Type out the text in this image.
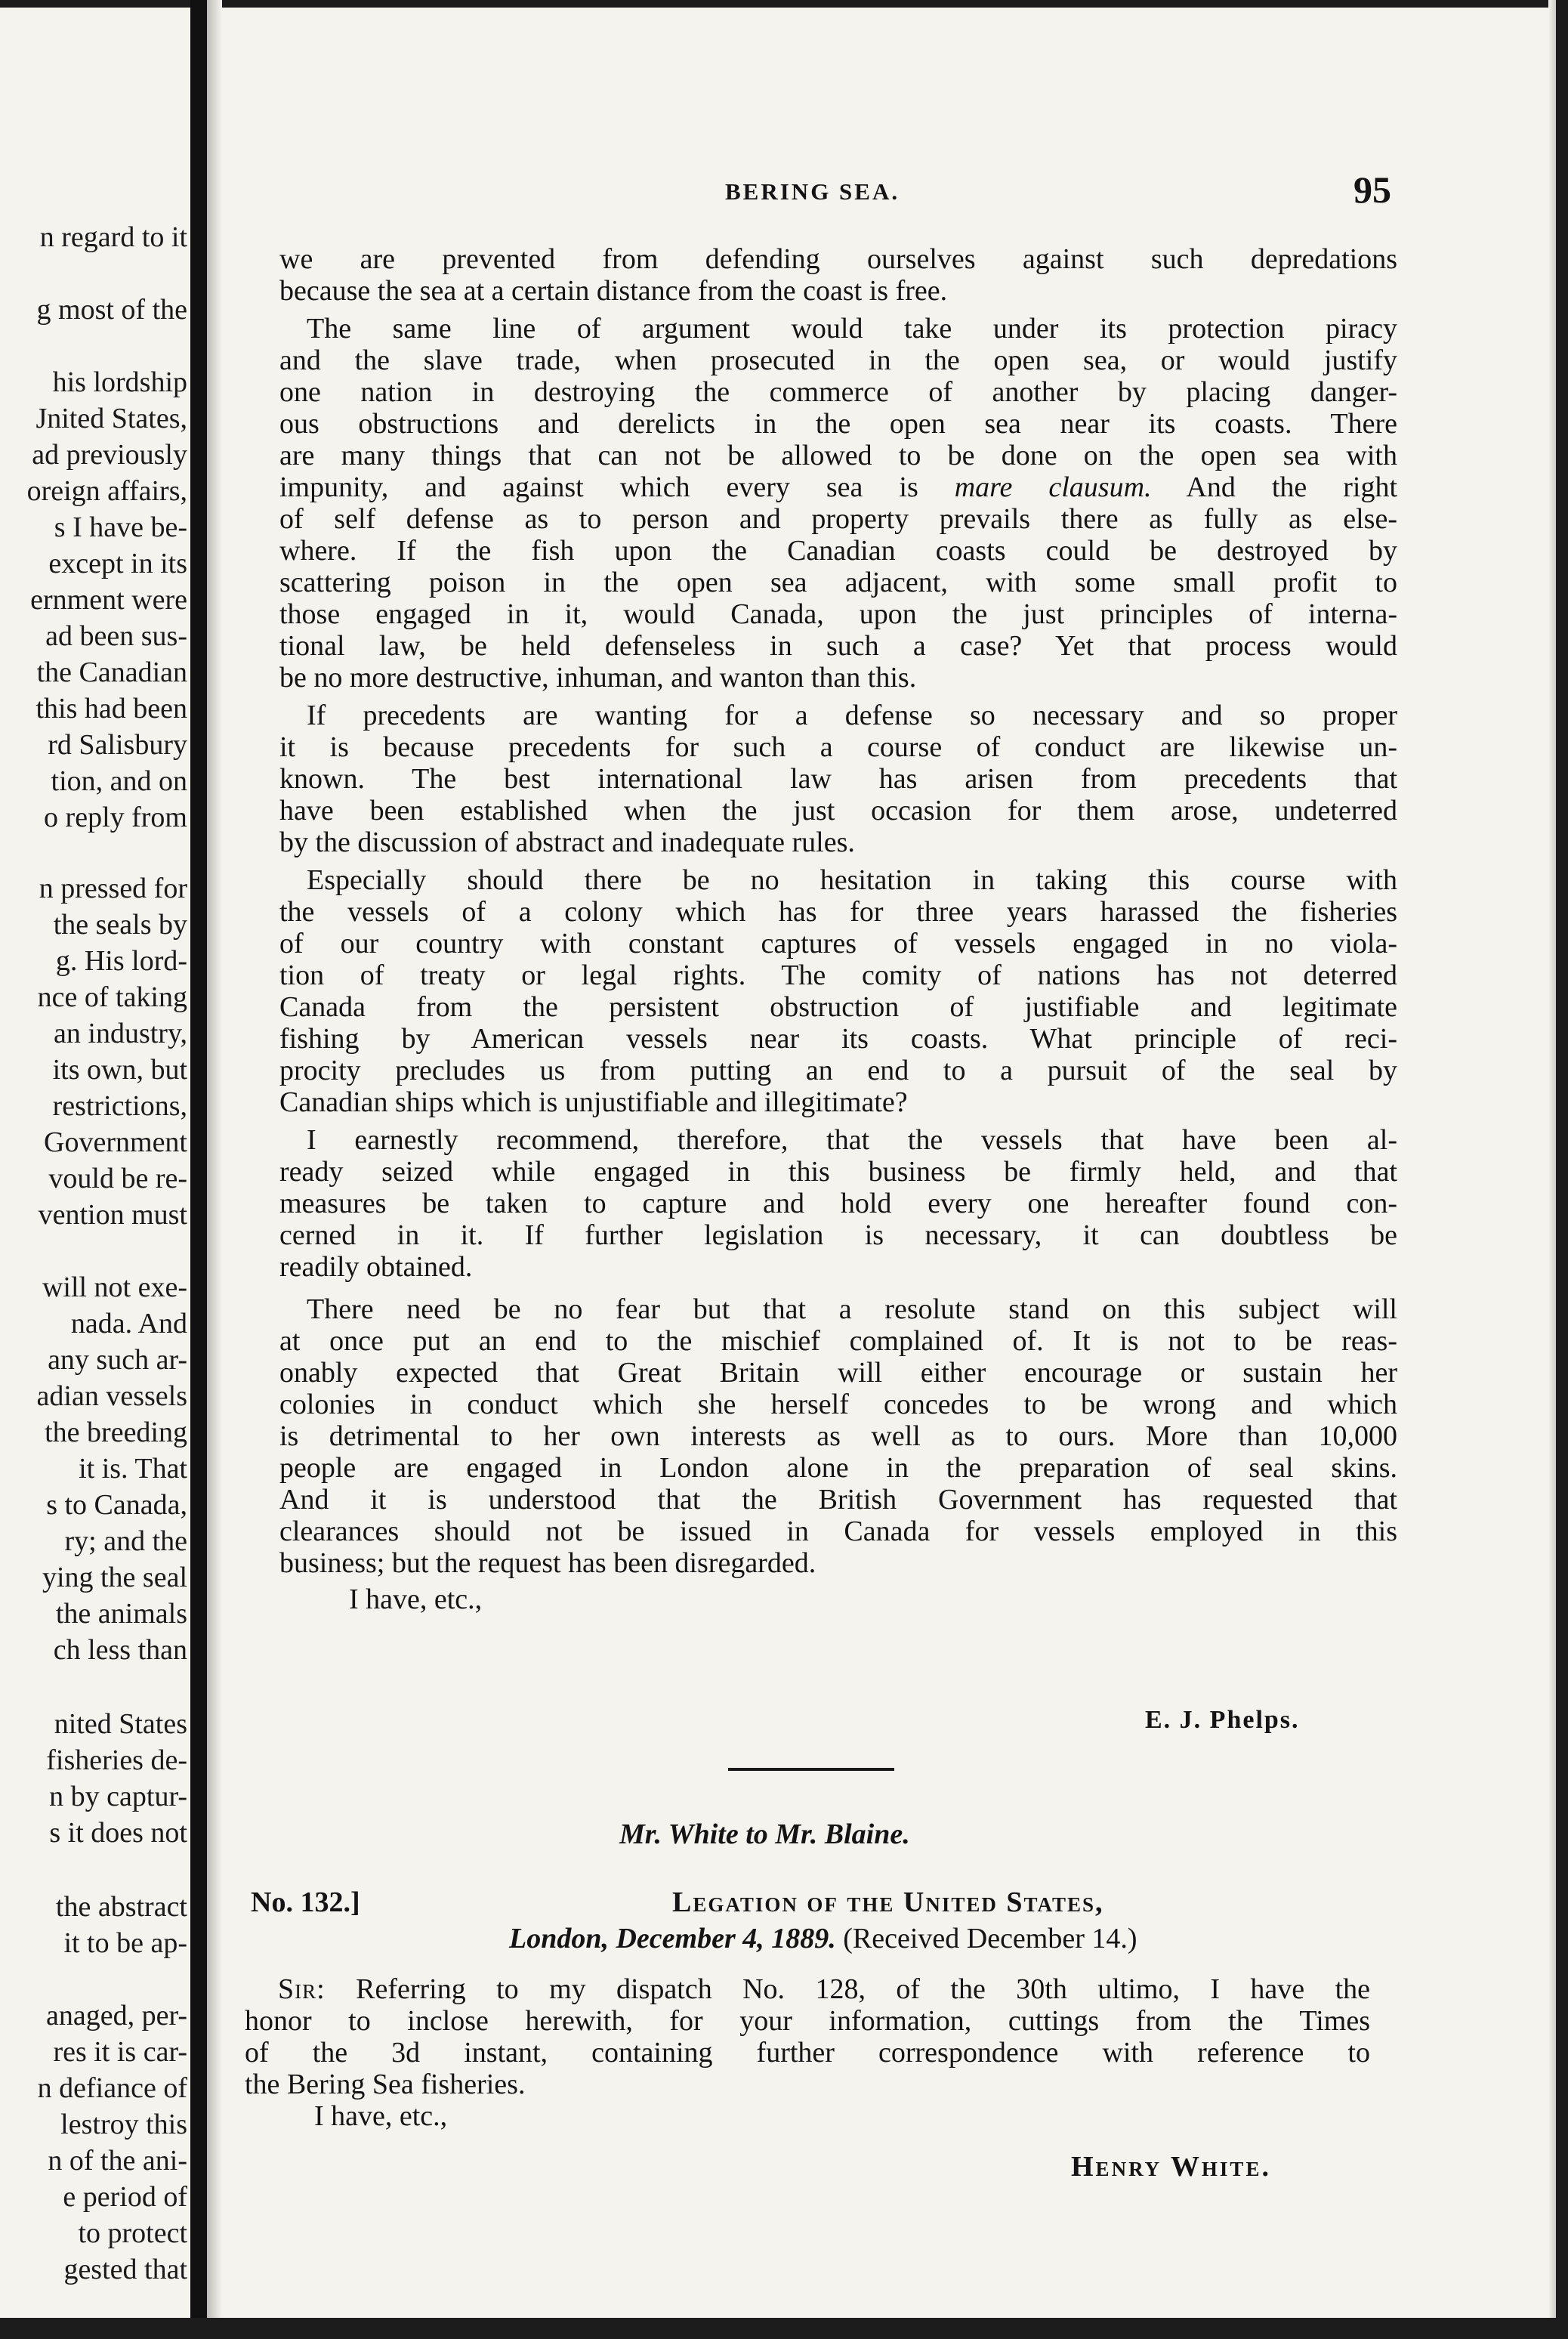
n regard to it
g most of the
his lordship
Jnited States,
ad previously
oreign affairs,
s I have be-
except in its
ernment were
ad been sus-
the Canadian
this had been
rd Salisbury
tion, and on
o reply from
n pressed for
the seals by
g. His lord-
nce of taking
an industry,
its own, but
restrictions,
Government
vould be re-
vention must
will not exe-
nada. And
any such ar-
adian vessels
the breeding
it is. That
s to Canada,
ry; and the
ying the seal
the animals
ch less than
nited States
fisheries de-
n by captur-
s it does not
the abstract
it to be ap-
anaged, per-
res it is car-
n defiance of
lestroy this
n of the ani-
e period of
to protect
gested that
BERING SEA.	95
we are prevented from defending ourselves against such depredations
because the sea at a certain distance from the coast is free.
The same line of argument would take under its protection piracy
and the slave trade, when prosecuted in the open sea, or would justify
one nation in destroying the commerce of another by placing danger-
ous obstructions and derelicts in the open sea near its coasts. There
are many things that can not be allowed to be done on the open sea with
impunity, and against which every sea is mare clausum. And the right
of self defense as to person and property prevails there as fully as else-
where. If the fish upon the Canadian coasts could be destroyed by
scattering poison in the open sea adjacent, with some small profit to
those engaged in it, would Canada, upon the just principles of interna-
tional law, be held defenseless in such a case? Yet that process would
be no more destructive, inhuman, and wanton than this.
If precedents are wanting for a defense so necessary and so proper
it is because precedents for such a course of conduct are likewise un-
known. The best international law has arisen from precedents that
have been established when the just occasion for them arose, undeterred
by the discussion of abstract and inadequate rules.
Especially should there be no hesitation in taking this course with
the vessels of a colony which has for three years harassed the fisheries
of our country with constant captures of vessels engaged in no viola-
tion of treaty or legal rights. The comity of nations has not deterred
Canada from the persistent obstruction of justifiable and legitimate
fishing by American vessels near its coasts. What principle of reci-
procity precludes us from putting an end to a pursuit of the seal by
Canadian ships which is unjustifiable and illegitimate?
I earnestly recommend, therefore, that the vessels that have been al-
ready seized while engaged in this business be firmly held, and that
measures be taken to capture and hold every one hereafter found con-
cerned in it. If further legislation is necessary, it can doubtless be
readily obtained.
There need be no fear but that a resolute stand on this subject will
at once put an end to the mischief complained of. It is not to be reas-
onably expected that Great Britain will either encourage or sustain her
colonies in conduct which she herself concedes to be wrong and which
is detrimental to her own interests as well as to ours. More than 10,000
people are engaged in London alone in the preparation of seal skins.
And it is understood that the British Government has requested that
clearances should not be issued in Canada for vessels employed in this
business; but the request has been disregarded.
I have, etc.,
E. J. Phelps.
Mr. White to Mr. Blaine.
No. 132.]	Legation of the United States,
London, December 4, 1889. (Received December 14.)
Sir: Referring to my dispatch No. 128, of the 30th ultimo, I have the
honor to inclose herewith, for your information, cuttings from the Times
of the 3d instant, containing further correspondence with reference to
the Bering Sea fisheries.
I have, etc.,
Henry White.
